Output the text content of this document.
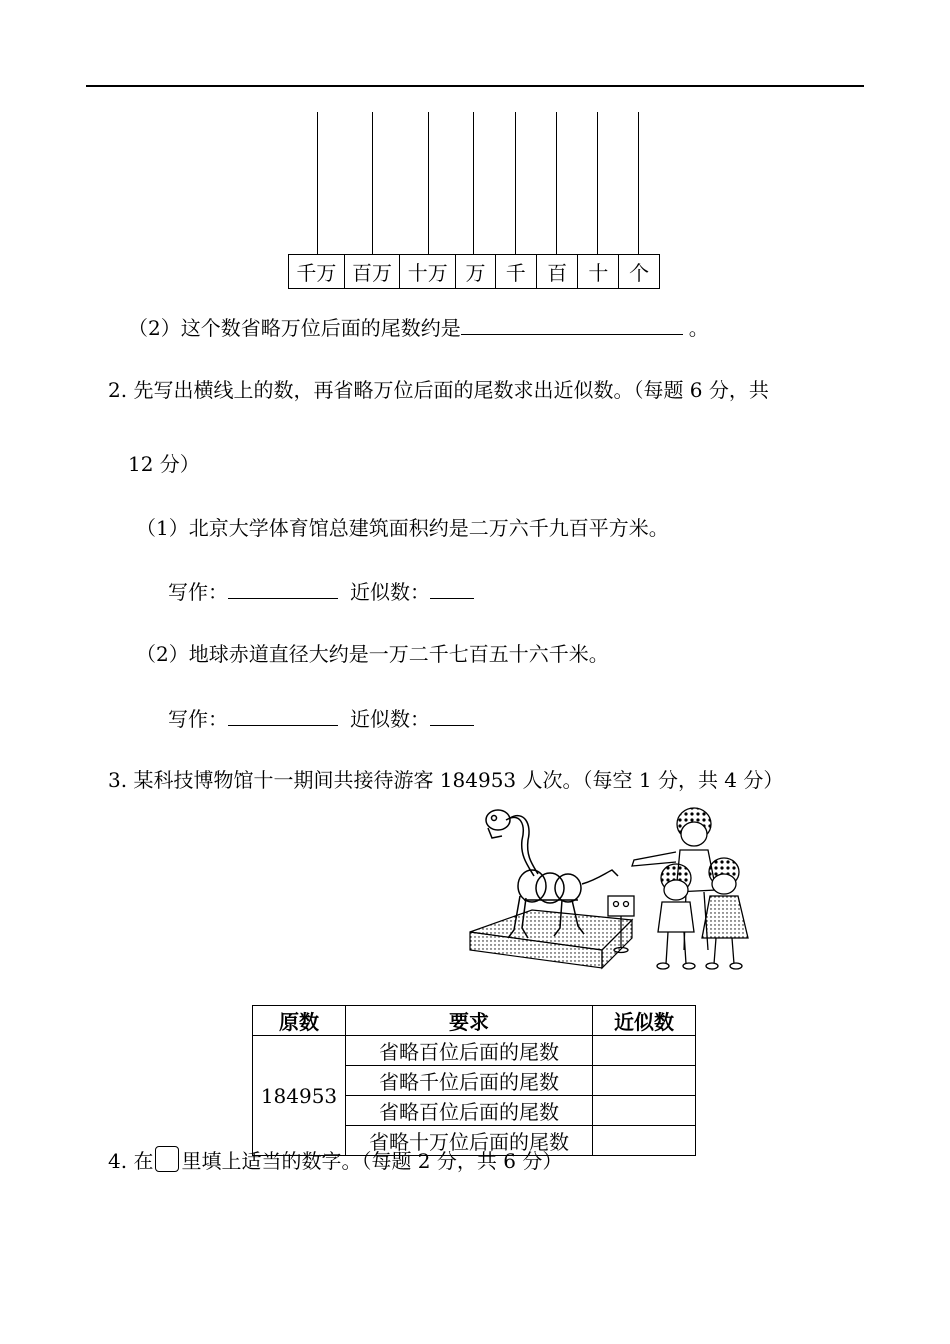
千万 百万 十万 万	千	百	十	个
（2）这个数省略万位后面的尾数约是	。
2. 先写出横线上的数，再省略万位后面的尾数求出近似数。（每题 6 分，共
12 分）
（1）北京大学体育馆总建筑面积约是二万六千九百平方米。
写作：	近似数：
（2）地球赤道直径大约是一万二千七百五十六千米。
写作：	近似数：
3. 某科技博物馆十一期间共接待游客 184953 人次。（每空 1 分，共 4 分）
原数	要求	近似数
184953	省略百位后面的尾数	
	省略千位后面的尾数	
	省略百位后面的尾数	
	省略十万位后面的尾数	
4. 在 里填上适当的数字。（每题 2 分，共 6 分）
